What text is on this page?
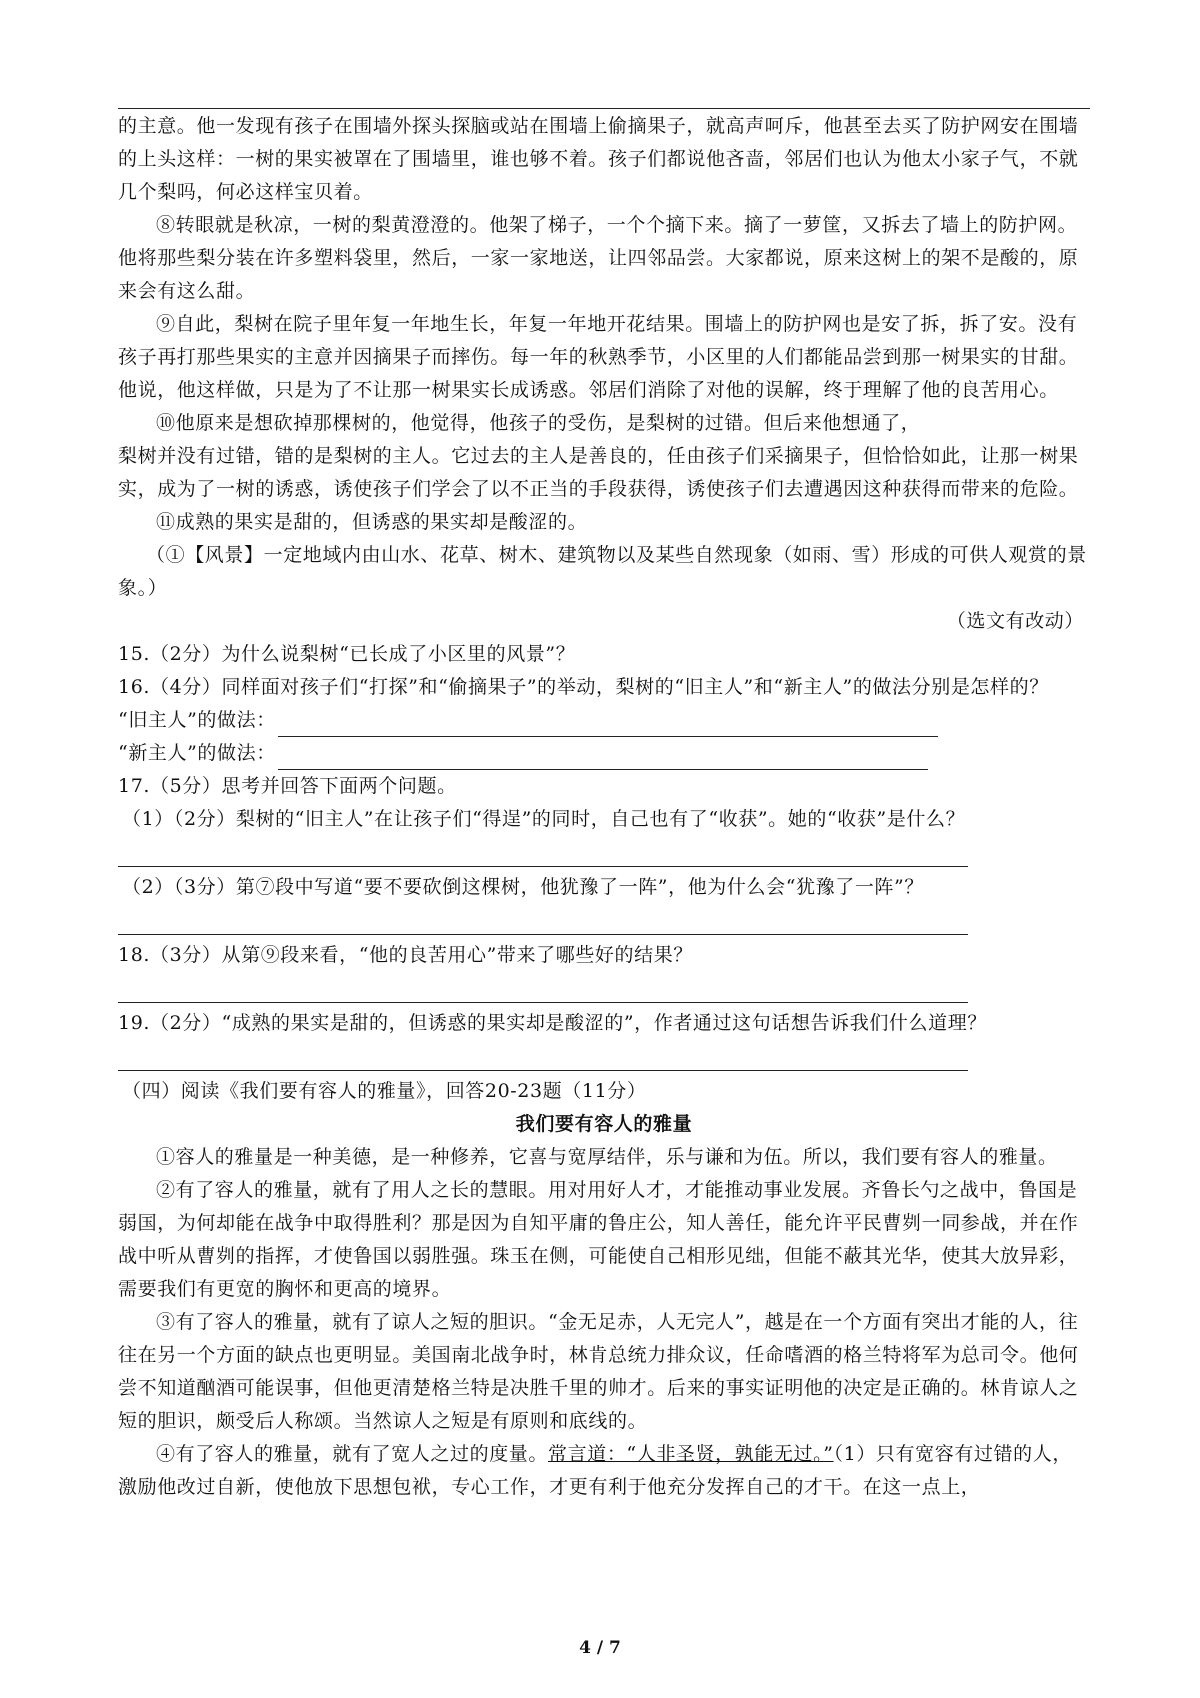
的主意。他一发现有孩子在围墙外探头探脑或站在围墙上偷摘果子，就高声呵斥，他甚至去买了防护网安在围墙的上头这样：一树的果实被罩在了围墙里，谁也够不着。孩子们都说他吝啬，邻居们也认为他太小家子气，不就几个梨吗，何必这样宝贝着。

⑧转眼就是秋凉，一树的梨黄澄澄的。他架了梯子，一个个摘下来。摘了一萝筐，又拆去了墙上的防护网。他将那些梨分装在许多塑料袋里，然后，一家一家地送，让四邻品尝。大家都说，原来这树上的架不是酸的，原来会有这么甜。

⑨自此，梨树在院子里年复一年地生长，年复一年地开花结果。围墙上的防护网也是安了拆，拆了安。没有孩子再打那些果实的主意并因摘果子而摔伤。每一年的秋熟季节，小区里的人们都能品尝到那一树果实的甘甜。他说，他这样做，只是为了不让那一树果实长成诱惑。邻居们消除了对他的误解，终于理解了他的良苦用心。

⑩他原来是想砍掉那棵树的，他觉得，他孩子的受伤，是梨树的过错。但后来他想通了，

梨树并没有过错，错的是梨树的主人。它过去的主人是善良的，任由孩子们采摘果子，但恰恰如此，让那一树果实，成为了一树的诱惑，诱使孩子们学会了以不正当的手段获得，诱使孩子们去遭遇因这种获得而带来的危险。

⑪成熟的果实是甜的，但诱惑的果实却是酸涩的。

（①【风景】一定地域内由山水、花草、树木、建筑物以及某些自然现象（如雨、雪）形成的可供人观赏的景象。）

（选文有改动）

15.（2分）为什么说梨树“已长成了小区里的风景”？

16.（4分）同样面对孩子们“打探”和“偷摘果子”的举动，梨树的“旧主人”和“新主人”的做法分别是怎样的？

“旧主人”的做法：

“新主人”的做法：

17.（5分）思考并回答下面两个问题。

（1）（2分）梨树的“旧主人”在让孩子们“得逞”的同时，自己也有了“收获”。她的“收获”是什么？

（2）（3分）第⑦段中写道“要不要砍倒这棵树，他犹豫了一阵”，他为什么会“犹豫了一阵”？

18.（3分）从第⑨段来看，“他的良苦用心”带来了哪些好的结果？

19.（2分）“成熟的果实是甜的，但诱惑的果实却是酸涩的”，作者通过这句话想告诉我们什么道理？

（四）阅读《我们要有容人的雅量》，回答20-23题（11分）

我们要有容人的雅量

①容人的雅量是一种美德，是一种修养，它喜与宽厚结伴，乐与谦和为伍。所以，我们要有容人的雅量。

②有了容人的雅量，就有了用人之长的慧眼。用对用好人才，才能推动事业发展。齐鲁长勺之战中，鲁国是弱国，为何却能在战争中取得胜利？那是因为自知平庸的鲁庄公，知人善任，能允许平民曹刿一同参战，并在作战中听从曹刿的指挥，才使鲁国以弱胜强。珠玉在侧，可能使自己相形见绌，但能不蔽其光华，使其大放异彩，需要我们有更宽的胸怀和更高的境界。

③有了容人的雅量，就有了谅人之短的胆识。“金无足赤，人无完人”，越是在一个方面有突出才能的人，往往在另一个方面的缺点也更明显。美国南北战争时，林肯总统力排众议，任命嗜酒的格兰特将军为总司令。他何尝不知道酗酒可能误事，但他更清楚格兰特是决胜千里的帅才。后来的事实证明他的决定是正确的。林肯谅人之短的胆识，颇受后人称颂。当然谅人之短是有原则和底线的。

④有了容人的雅量，就有了宽人之过的度量。常言道：“人非圣贤，孰能无过。”（1）只有宽容有过错的人，激励他改过自新，使他放下思想包袱，专心工作，才更有利于他充分发挥自己的才干。在这一点上，

4 / 7
